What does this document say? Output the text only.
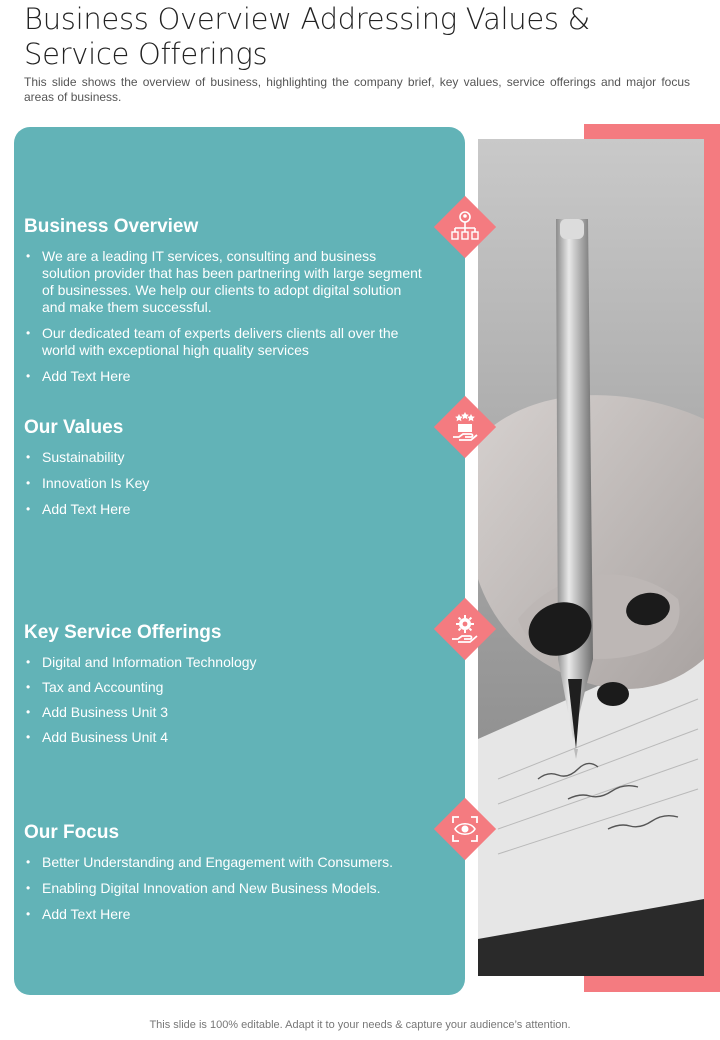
Business Overview Addressing Values & Service Offerings
This slide shows the overview of business, highlighting the company brief, key values, service offerings and major focus areas of business.
Business Overview
• We are a leading IT services, consulting and business solution provider that has been partnering with large segment of businesses. We help our clients to adopt digital solution and make them successful.
• Our dedicated team of experts delivers clients all over the world with exceptional high quality services
• Add Text Here
Our Values
• Sustainability
• Innovation Is Key
• Add Text Here
Key Service Offerings
• Digital and Information Technology
• Tax and Accounting
• Add Business Unit 3
• Add Business Unit 4
Our Focus
• Better Understanding and Engagement with Consumers.
• Enabling Digital Innovation and New Business Models.
• Add Text Here
This slide is 100% editable. Adapt it to your needs & capture your audience’s attention.
